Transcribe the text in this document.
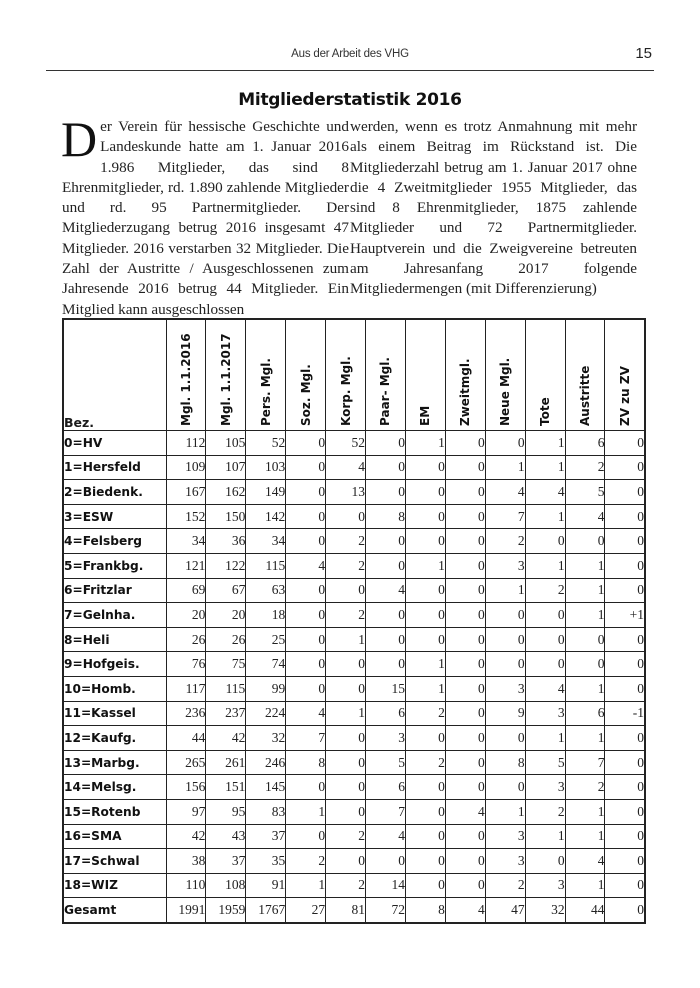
Aus der Arbeit des VHG	15
Mitgliederstatistik 2016
D er Verein für hessische Geschichte und Landeskunde hatte am 1. Januar 2016 1.986 Mitglieder, das sind 8 Ehrenmitglieder, rd. 1.890 zahlende Mitglieder und rd. 95 Partnermitglieder. Der Mitgliederzugang betrug 2016 insgesamt 47 Mitglieder. 2016 verstarben 32 Mitglieder. Die Zahl der Austritte / Ausgeschlossenen zum Jahresende 2016 betrug 44 Mitglieder. Ein Mitglied kann ausgeschlossen

werden, wenn es trotz Anmahnung mit mehr als einem Beitrag im Rückstand ist. Die Mitgliederzahl betrug am 1. Januar 2017 ohne die 4 Zweitmitglieder 1955 Mitglieder, das sind 8 Ehrenmitglieder, 1875 zahlende Mitglieder und 72 Partnermitglieder. Hauptverein und die Zweigvereine betreuten am Jahresanfang 2017 folgende Mitgliedermengen (mit Differenzierung)

Bez.	Mgl. 1.1.2016	Mgl. 1.1.2017	Pers. Mgl.	Soz. Mgl.	Korp. Mgl.	Paar- Mgl.	EM	Zweitmgl.	Neue Mgl.	Tote	Austritte	ZV zu ZV

0=HV	112	105	52	0	52	0	1	0	0	1	6	0
1=Hersfeld	109	107	103	0	4	0	0	0	1	1	2	0
2=Biedenk.	167	162	149	0	13	0	0	0	4	4	5	0
3=ESW	152	150	142	0	0	8	0	0	7	1	4	0
4=Felsberg	34	36	34	0	2	0	0	0	2	0	0	0
5=Frankbg.	121	122	115	4	2	0	1	0	3	1	1	0
6=Fritzlar	69	67	63	0	0	4	0	0	1	2	1	0
7=Gelnha.	20	20	18	0	2	0	0	0	0	0	1	+1
8=Heli	26	26	25	0	1	0	0	0	0	0	0	0
9=Hofgeis.	76	75	74	0	0	0	1	0	0	0	0	0
10=Homb.	117	115	99	0	0	15	1	0	3	4	1	0
11=Kassel	236	237	224	4	1	6	2	0	9	3	6	-1
12=Kaufg.	44	42	32	7	0	3	0	0	0	1	1	0
13=Marbg.	265	261	246	8	0	5	2	0	8	5	7	0
14=Melsg.	156	151	145	0	0	6	0	0	0	3	2	0
15=Rotenb	97	95	83	1	0	7	0	4	1	2	1	0
16=SMA	42	43	37	0	2	4	0	0	3	1	1	0
17=Schwal	38	37	35	2	0	0	0	0	3	0	4	0
18=WIZ	110	108	91	1	2	14	0	0	2	3	1	0
Gesamt	1991	1959	1767	27	81	72	8	4	47	32	44	0
